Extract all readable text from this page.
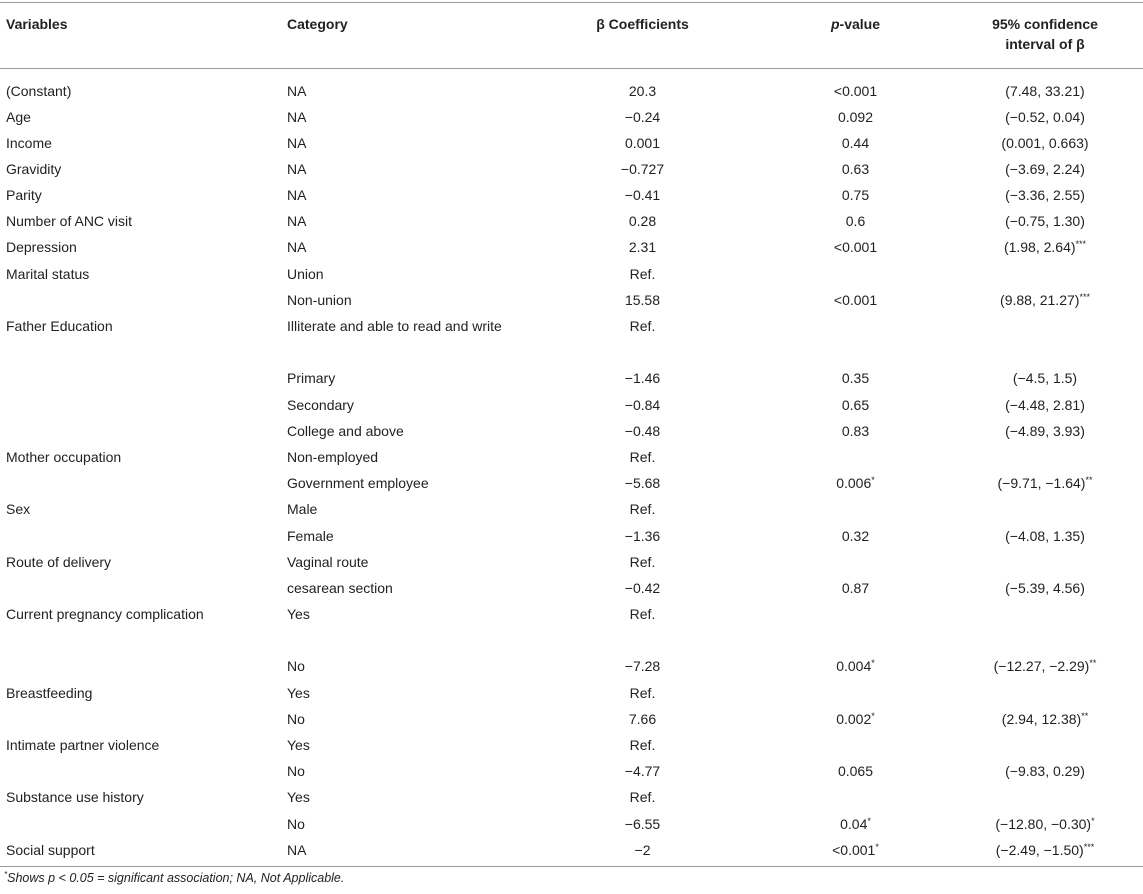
Variables	Category	β Coefficients	p-value	95% confidence
interval of β
(Constant)	NA	20.3	<0.001	(7.48, 33.21)
Age	NA	−0.24	0.092	(−0.52, 0.04)
Income	NA	0.001	0.44	(0.001, 0.663)
Gravidity	NA	−0.727	0.63	(−3.69, 2.24)
Parity	NA	−0.41	0.75	(−3.36, 2.55)
Number of ANC visit	NA	0.28	0.6	(−0.75, 1.30)
Depression	NA	2.31	<0.001	(1.98, 2.64)***
Marital status	Union	Ref.		
	Non-union	15.58	<0.001	(9.88, 21.27)***
Father Education	Illiterate and able to read and write	Ref.		
	Primary	−1.46	0.35	(−4.5, 1.5)
	Secondary	−0.84	0.65	(−4.48, 2.81)
	College and above	−0.48	0.83	(−4.89, 3.93)
Mother occupation	Non-employed	Ref.		
	Government employee	−5.68	0.006*	(−9.71, −1.64)**
Sex	Male	Ref.		
	Female	−1.36	0.32	(−4.08, 1.35)
Route of delivery	Vaginal route	Ref.		
	cesarean section	−0.42	0.87	(−5.39, 4.56)
Current pregnancy complication	Yes	Ref.		
	No	−7.28	0.004*	(−12.27, −2.29)**
Breastfeeding	Yes	Ref.		
	No	7.66	0.002*	(2.94, 12.38)**
Intimate partner violence	Yes	Ref.		
	No	−4.77	0.065	(−9.83, 0.29)
Substance use history	Yes	Ref.		
	No	−6.55	0.04*	(−12.80, −0.30)*
Social support	NA	−2	<0.001*	(−2.49, −1.50)***
*Shows p < 0.05 = significant association; NA, Not Applicable.
